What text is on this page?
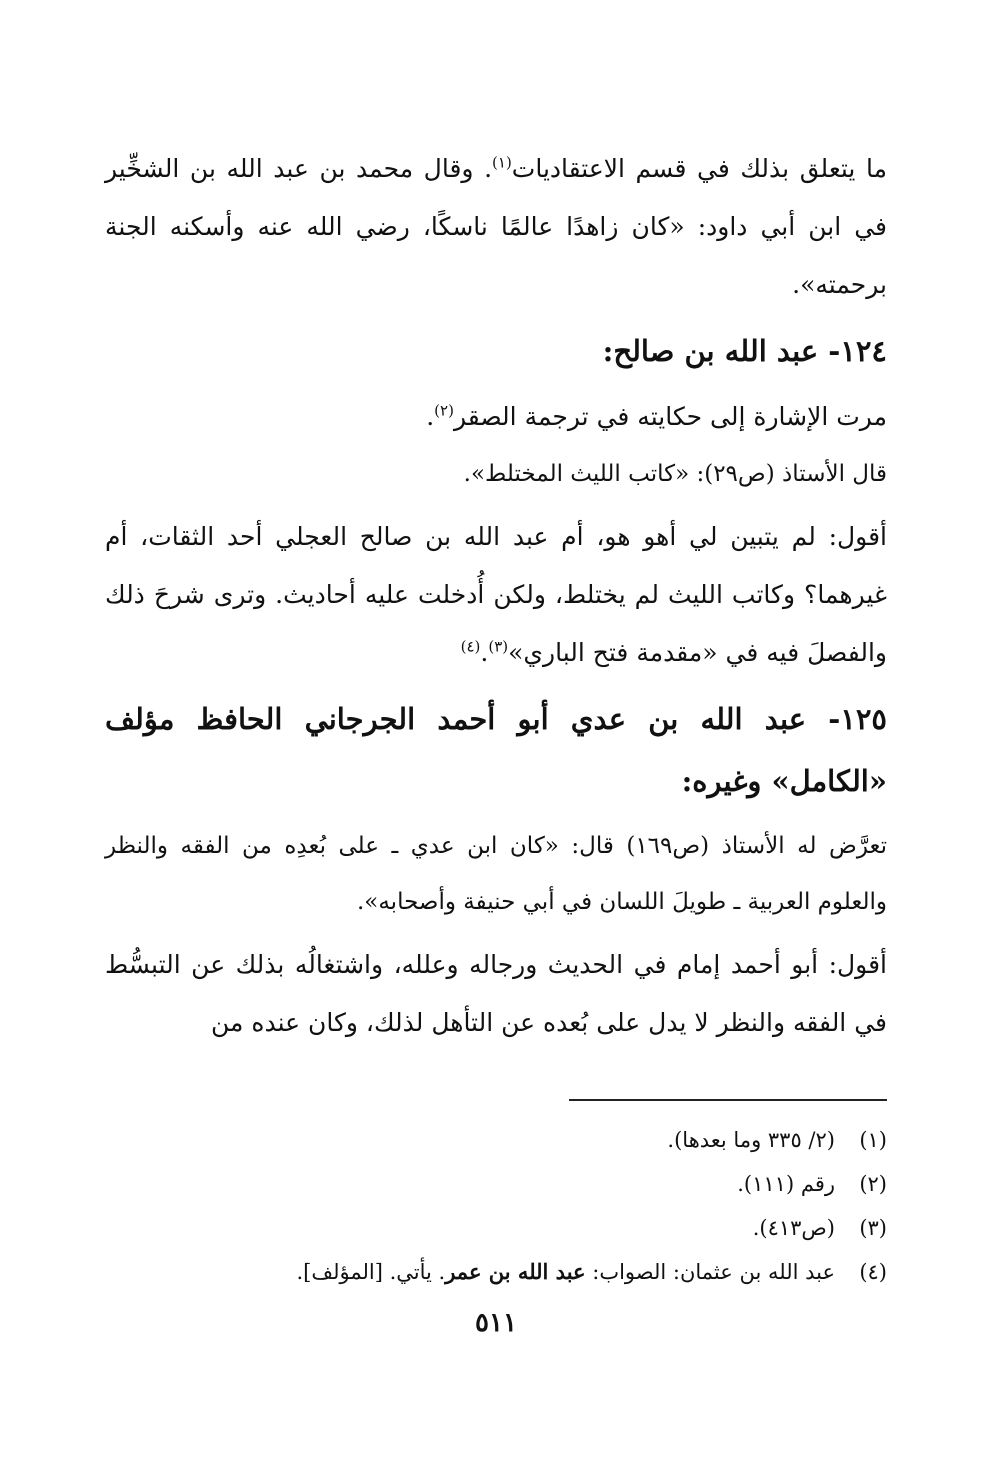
ما يتعلق بذلك في قسم الاعتقاديات$^{(١)}$. وقال محمد بن عبد الله بن الشخِّير في ابن أبي داود: «كان زاهدًا عالمًا ناسكًا، رضي الله عنه وأسكنه الجنة برحمته».

١٢٤- عبد الله بن صالح:

مرت الإشارة إلى حكايته في ترجمة الصقر$^{(٢)}$.

قال الأستاذ (ص٢٩): «كاتب الليث المختلط».

أقول: لم يتبين لي أهو هو، أم عبد الله بن صالح العجلي أحد الثقات، أم غيرهما؟ وكاتب الليث لم يختلط، ولكن أُدخلت عليه أحاديث. وترى شرحَ ذلك والفصلَ فيه في «مقدمة فتح الباري»$^{(٣)}$.$^{(٤)}$

١٢٥- عبد الله بن عدي أبو أحمد الجرجاني الحافظ مؤلف «الكامل» وغيره:

تعرَّض له الأستاذ (ص١٦٩) قال: «كان ابن عدي ـ على بُعدِه من الفقه والنظر والعلوم العربية ـ طويلَ اللسان في أبي حنيفة وأصحابه».

أقول: أبو أحمد إمام في الحديث ورجاله وعلله، واشتغالُه بذلك عن التبسُّط في الفقه والنظر لا يدل على بُعده عن التأهل لذلك، وكان عنده من

(١)(٢/ ٣٣٥ وما بعدها).
(٢)رقم (١١١).
(٣)(ص٤١٣).
(٤)عبد الله بن عثمان: الصواب: عبد الله بن عمر. يأتي. [المؤلف].
٥١١
